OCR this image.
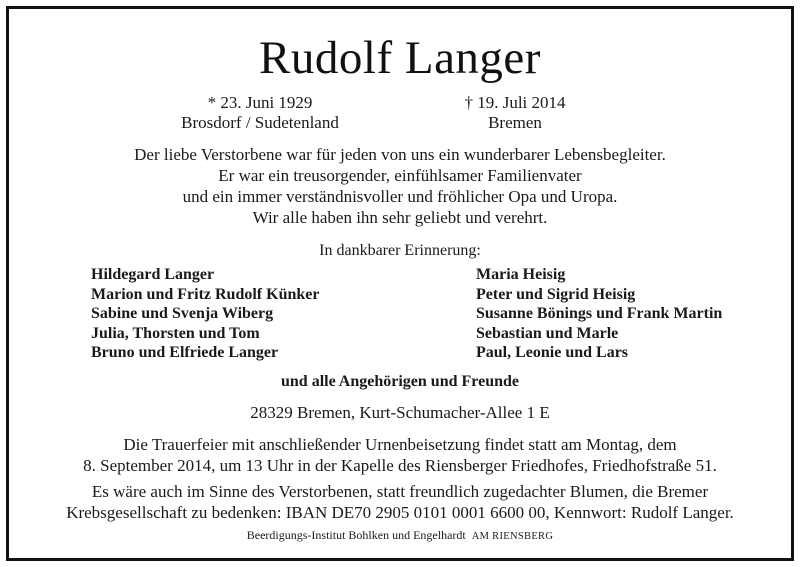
Rudolf Langer
* 23. Juni 1929
Brosdorf / Sudetenland
† 19. Juli 2014
Bremen
Der liebe Verstorbene war für jeden von uns ein wunderbarer Lebensbegleiter.
Er war ein treusorgender, einfühlsamer Familienvater
und ein immer verständnisvoller und fröhlicher Opa und Uropa.
Wir alle haben ihn sehr geliebt und verehrt.
In dankbarer Erinnerung:
Hildegard Langer
Marion und Fritz Rudolf Künker
Sabine und Svenja Wiberg
Julia, Thorsten und Tom
Bruno und Elfriede Langer
Maria Heisig
Peter und Sigrid Heisig
Susanne Bönings und Frank Martin
Sebastian und Marle
Paul, Leonie und Lars
und alle Angehörigen und Freunde
28329 Bremen, Kurt-Schumacher-Allee 1 E
Die Trauerfeier mit anschließender Urnenbeisetzung findet statt am Montag, dem
8. September 2014, um 13 Uhr in der Kapelle des Riensberger Friedhofes, Friedhofstraße 51.
Es wäre auch im Sinne des Verstorbenen, statt freundlich zugedachter Blumen, die Bremer
Krebsgesellschaft zu bedenken: IBAN DE70 2905 0101 0001 6600 00, Kennwort: Rudolf Langer.
Beerdigungs-Institut Bohlken und Engelhardt AM RIENSBERG
